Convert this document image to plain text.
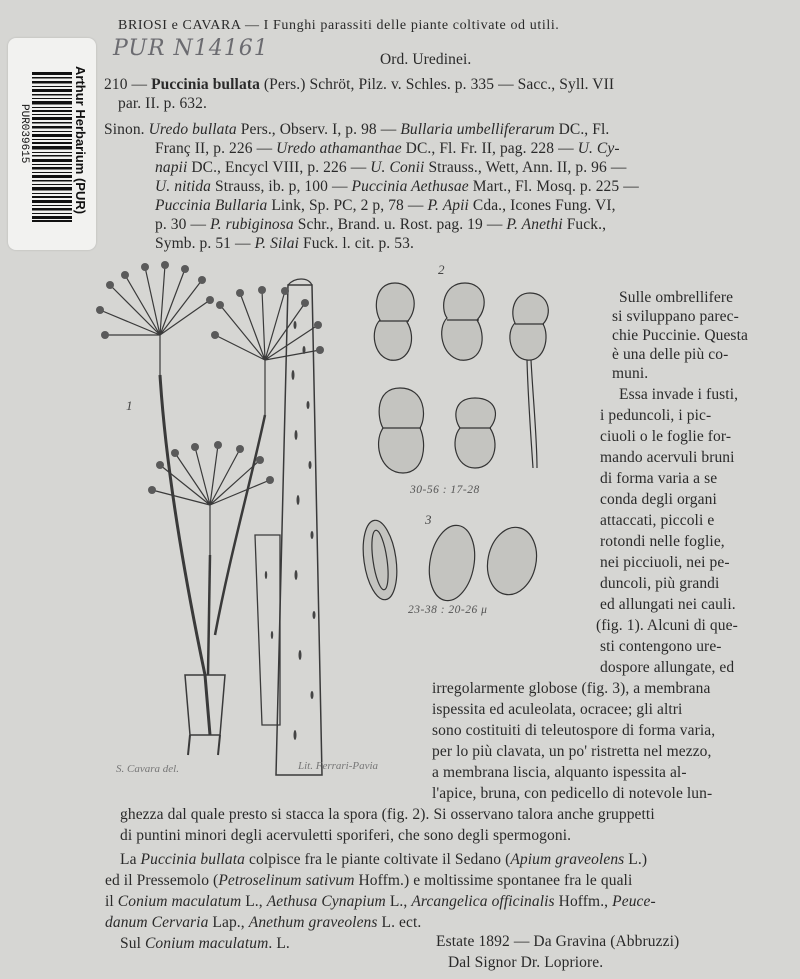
Arthur Herbarium (PUR)
PUR039615
BRIOSI e CAVARA — I Funghi parassiti delle piante coltivate od utili.
PUR N14161	Ord. Uredinei.
210 — Puccinia bullata (Pers.) Schröt, Pilz. v. Schles. p. 335 — Sacc., Syll. VII
par. II. p. 632.
Sinon. Uredo bullata Pers., Observ. I, p. 98 — Bullaria umbelliferarum DC., Fl.
Franç II, p. 226 — Uredo athamanthae DC., Fl. Fr. II, pag. 228 — U. Cy-
napii DC., Encycl VIII, p. 226 — U. Conii Strauss., Wett, Ann. II, p. 96 —
U. nitida Strauss, ib. p, 100 — Puccinia Aethusae Mart., Fl. Mosq. p. 225 —
Puccinia Bullaria Link, Sp. PC, 2 p, 78 — P. Apii Cda., Icones Fung. VI,
p. 30 — P. rubiginosa Schr., Brand. u. Rost. pag. 19 — P. Anethi Fuck.,
Symb. p. 51 — P. Silai Fuck. l. cit. p. 53.
1
2
30-56 : 17-28
3
23-38 : 20-26 μ
S. Cavara del.	Lit. Ferrari-Pavia
Sulle ombrellifere
si sviluppano parec-
chie Puccinie. Questa
è una delle più co-
muni.
Essa invade i fusti,
i peduncoli, i pic-
ciuoli o le foglie for-
mando acervuli bruni
di forma varia a se
conda degli organi
attaccati, piccoli e
rotondi nelle foglie,
nei picciuoli, nei pe-
duncoli, più grandi
ed allungati nei cauli.
(fig. 1). Alcuni di que-
sti contengono ure-
dospore allungate, ed
irregolarmente globose (fig. 3), a membrana
ispessita ed aculeolata, ocracee; gli altri
sono costituiti di teleutospore di forma varia,
per lo più clavata, un po' ristretta nel mezzo,
a membrana liscia, alquanto ispessita al-
l'apice, bruna, con pedicello di notevole lun-
ghezza dal quale presto si stacca la spora (fig. 2). Si osservano talora anche gruppetti
di puntini minori degli acervuletti sporiferi, che sono degli spermogoni.
La Puccinia bullata colpisce fra le piante coltivate il Sedano (Apium graveolens L.)
ed il Pressemolo (Petroselinum sativum Hoffm.) e moltissime spontanee fra le quali
il Conium maculatum L., Aethusa Cynapium L., Arcangelica officinalis Hoffm., Peuce-
danum Cervaria Lap., Anethum graveolens L. ect.
Sul Conium maculatum. L.	Estate 1892 — Da Gravina (Abbruzzi)
Dal Signor Dr. Lopriore.
